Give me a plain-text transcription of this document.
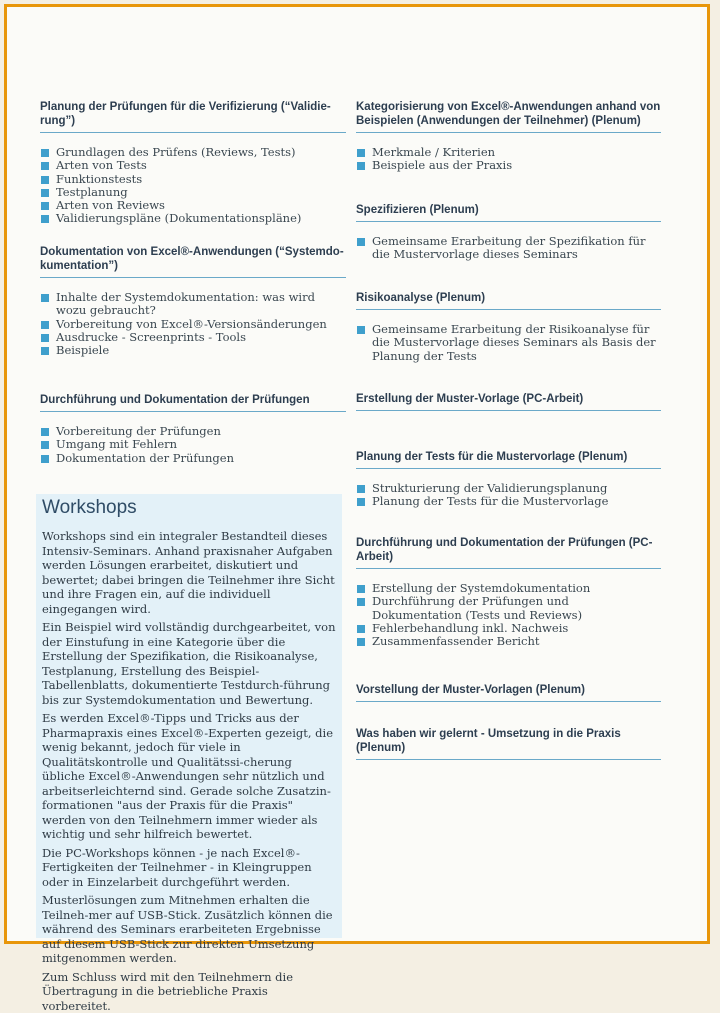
Planung der Prüfungen für die Verifizierung (“Validie-rung”)
Grundlagen des Prüfens (Reviews, Tests)
Arten von Tests
Funktionstests
Testplanung
Arten von Reviews
Validierungspläne (Dokumentationspläne)
Dokumentation von Excel®-Anwendungen (“Systemdo-kumentation”)
Inhalte der Systemdokumentation: was wird wozu gebraucht?
Vorbereitung von Excel®-Versionsänderungen
Ausdrucke - Screenprints - Tools
Beispiele
Durchführung und Dokumentation der Prüfungen
Vorbereitung der Prüfungen
Umgang mit Fehlern
Dokumentation der Prüfungen
Kategorisierung von Excel®-Anwendungen anhand von Beispielen (Anwendungen der Teilnehmer) (Plenum)
Merkmale / Kriterien
Beispiele aus der Praxis
Spezifizieren (Plenum)
Gemeinsame Erarbeitung der Spezifikation für die Mustervorlage dieses Seminars
Risikoanalyse (Plenum)
Gemeinsame Erarbeitung der Risikoanalyse für die Mustervorlage dieses Seminars als Basis der Planung der Tests
Erstellung der Muster-Vorlage (PC-Arbeit)
Planung der Tests für die Mustervorlage (Plenum)
Strukturierung der Validierungsplanung
Planung der Tests für die Mustervorlage
Durchführung und Dokumentation der Prüfungen (PC-Arbeit)
Erstellung der Systemdokumentation
Durchführung der Prüfungen und Dokumentation (Tests und Reviews)
Fehlerbehandlung inkl. Nachweis
Zusammenfassender Bericht
Vorstellung der Muster-Vorlagen (Plenum)
Was haben wir gelernt - Umsetzung in die Praxis (Plenum)
Workshops

Workshops sind ein integraler Bestandteil dieses Intensiv-Seminars. Anhand praxisnaher Aufgaben werden Lösungen erarbeitet, diskutiert und bewertet; dabei bringen die Teilnehmer ihre Sicht und ihre Fragen ein, auf die individuell eingegangen wird.

Ein Beispiel wird vollständig durchgearbeitet, von der Einstufung in eine Kategorie über die Erstellung der Spezifikation, die Risikoanalyse, Testplanung, Erstellung des Beispiel-Tabellenblatts, dokumentierte Testdurch-führung bis zur Systemdokumentation und Bewertung.

Es werden Excel®-Tipps und Tricks aus der Pharmapraxis eines Excel®-Experten gezeigt, die wenig bekannt, jedoch für viele in Qualitätskontrolle und Qualitätssi-cherung übliche Excel®-Anwendungen sehr nützlich und arbeitserleichternd sind. Gerade solche Zusatzin-formationen "aus der Praxis für die Praxis" werden von den Teilnehmern immer wieder als wichtig und sehr hilfreich bewertet.

Die PC-Workshops können - je nach Excel®-Fertigkeiten der Teilnehmer - in Kleingruppen oder in Einzelarbeit durchgeführt werden.

Musterlösungen zum Mitnehmen erhalten die Teilneh-mer auf USB-Stick. Zusätzlich können die während des Seminars erarbeiteten Ergebnisse auf diesem USB-Stick zur direkten Umsetzung mitgenommen werden.

Zum Schluss wird mit den Teilnehmern die Übertragung in die betriebliche Praxis vorbereitet.
